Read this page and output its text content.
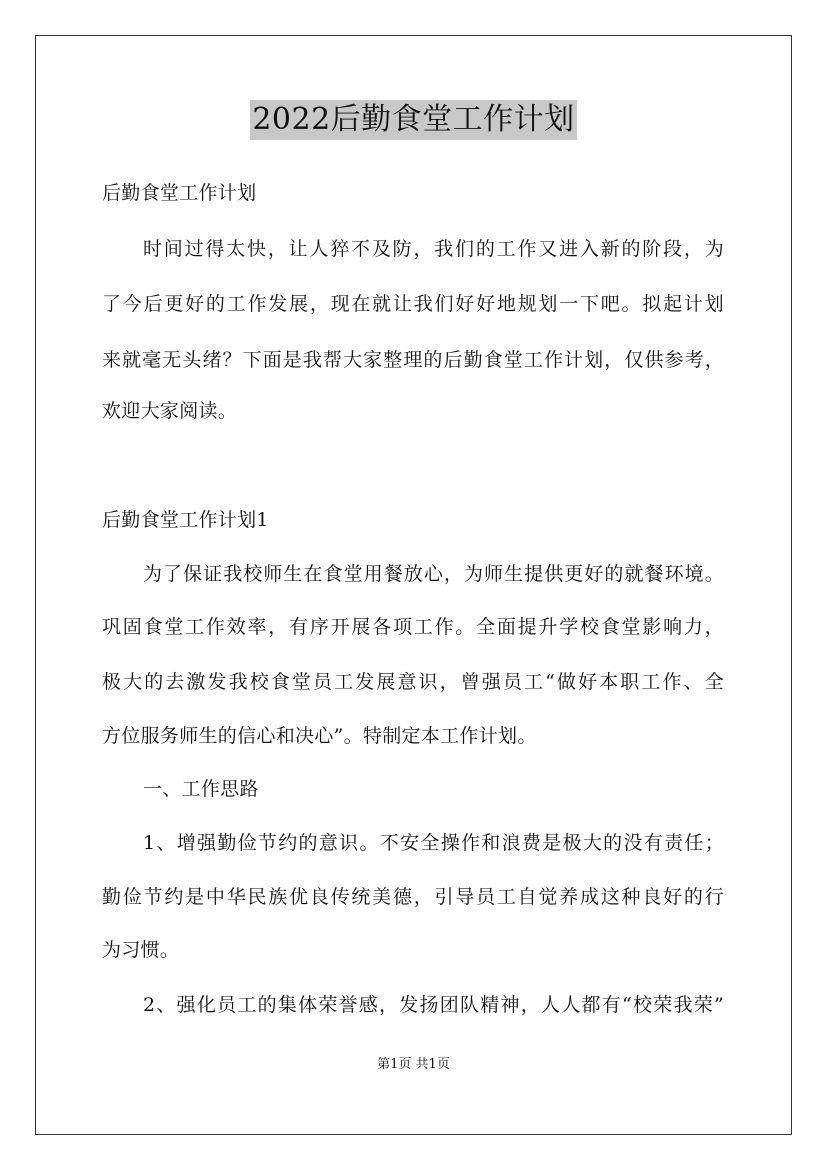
2022后勤食堂工作计划
后勤食堂工作计划
时间过得太快，让人猝不及防，我们的工作又进入新的阶段，为
了今后更好的工作发展，现在就让我们好好地规划一下吧。拟起计划
来就毫无头绪？下面是我帮大家整理的后勤食堂工作计划，仅供参考，
欢迎大家阅读。
后勤食堂工作计划1
为了保证我校师生在食堂用餐放心，为师生提供更好的就餐环境。
巩固食堂工作效率，有序开展各项工作。全面提升学校食堂影响力，
极大的去激发我校食堂员工发展意识，曾强员工“做好本职工作、全
方位服务师生的信心和决心”。特制定本工作计划。
一、工作思路
1、增强勤俭节约的意识。不安全操作和浪费是极大的没有责任；
勤俭节约是中华民族优良传统美德，引导员工自觉养成这种良好的行
为习惯。
2、强化员工的集体荣誉感，发扬团队精神，人人都有“校荣我荣”
第1页 共1页
